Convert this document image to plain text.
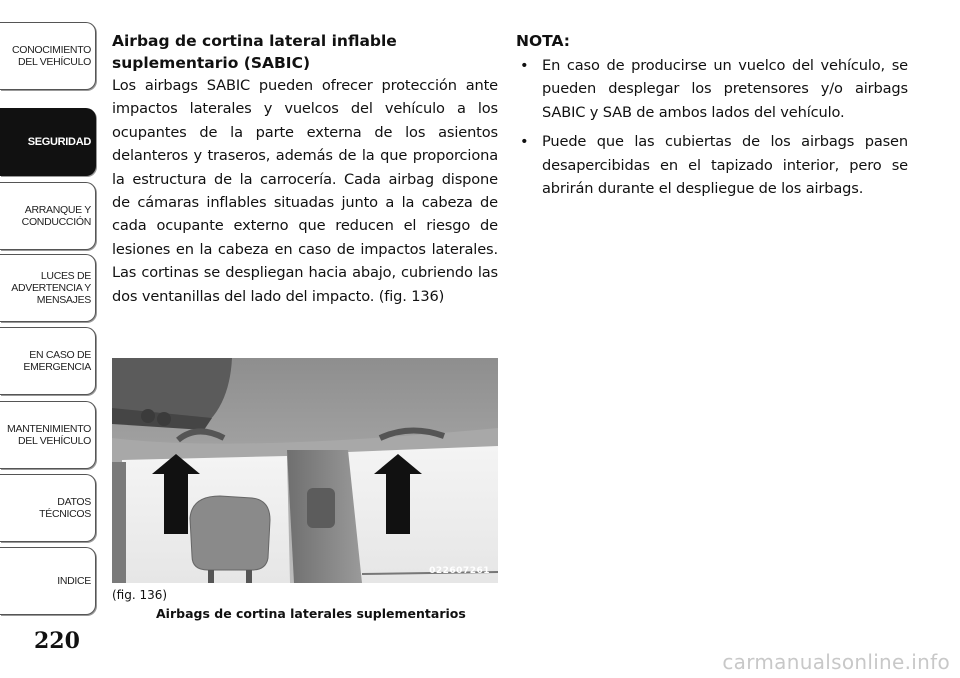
CONOCIMIENTO
DEL VEHÍCULO
SEGURIDAD
ARRANQUE Y
CONDUCCIÓN
LUCES DE
ADVERTENCIA Y
MENSAJES
EN CASO DE
EMERGENCIA
MANTENIMIENTO
DEL VEHÍCULO
DATOS
TÉCNICOS
INDICE
220

Airbag de cortina lateral inflable

suplementario (SABIC)

Los airbags SABIC pueden ofrecer protección ante impactos laterales y vuelcos del vehículo a los ocupantes de la parte externa de los asientos delanteros y traseros, además de la que proporciona la estructura de la carrocería. Cada airbag dispone de cámaras inflables situadas junto a la cabeza de cada ocupante externo que reducen el riesgo de lesiones en la cabeza en caso de impactos laterales. Las cortinas se despliegan hacia abajo, cubriendo las dos ventanillas del lado del impacto. (fig. 136)

NOTA:

• En caso de producirse un vuelco del vehículo, se pueden desplegar los pretensores y/o airbags SABIC y SAB de ambos lados del vehículo.
• Puede que las cubiertas de los airbags pasen desapercibidas en el tapizado interior, pero se abrirán durante el despliegue de los airbags.
022607261
(fig. 136)
Airbags de cortina laterales suplementarios
carmanualsonline.info
